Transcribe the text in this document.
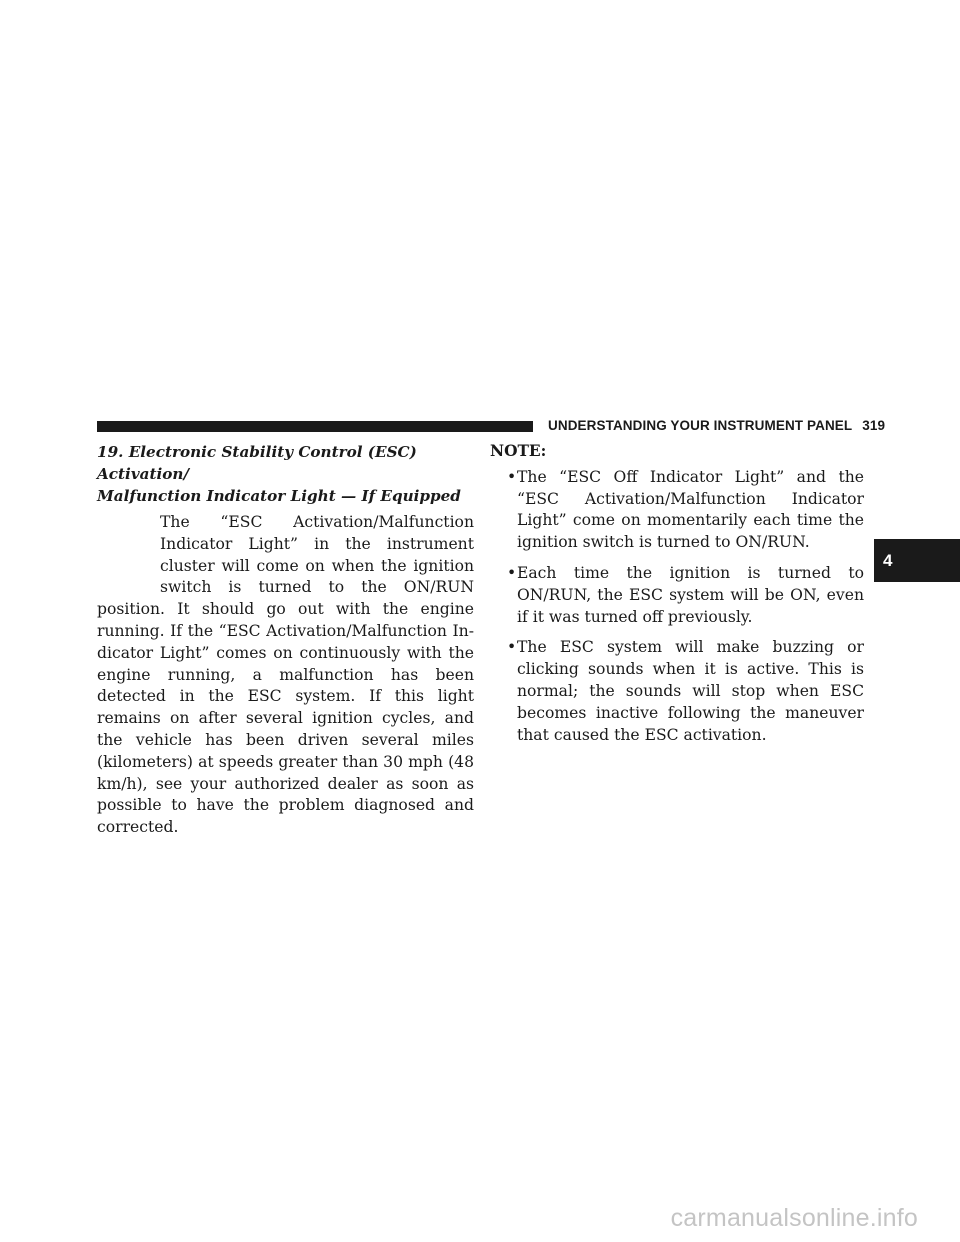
UNDERSTANDING YOUR INSTRUMENT PANEL 319
19. Electronic Stability Control (ESC) Activation/
Malfunction Indicator Light — If Equipped

The “ESC Activation/Malfunction Indicator Light” in the instrument cluster will come on when the ignition switch is turned to the ON/RUN position. It should go out with the engine running. If the “ESC Activation/Malfunction In-dicator Light” comes on continuously with the engine running, a malfunction has been detected in the ESC system. If this light remains on after several ignition cycles, and the vehicle has been driven several miles (kilometers) at speeds greater than 30 mph (48 km/h), see your authorized dealer as soon as possible to have the problem diagnosed and corrected.

NOTE:
• The “ESC Off Indicator Light” and the “ESC Activation/Malfunction Indicator Light” come on momentarily each time the ignition switch is turned to ON/RUN.
• Each time the ignition is turned to ON/RUN, the ESC system will be ON, even if it was turned off previously.
• The ESC system will make buzzing or clicking sounds when it is active. This is normal; the sounds will stop when ESC becomes inactive following the maneuver that caused the ESC activation.
4
carmanualsonline.info
